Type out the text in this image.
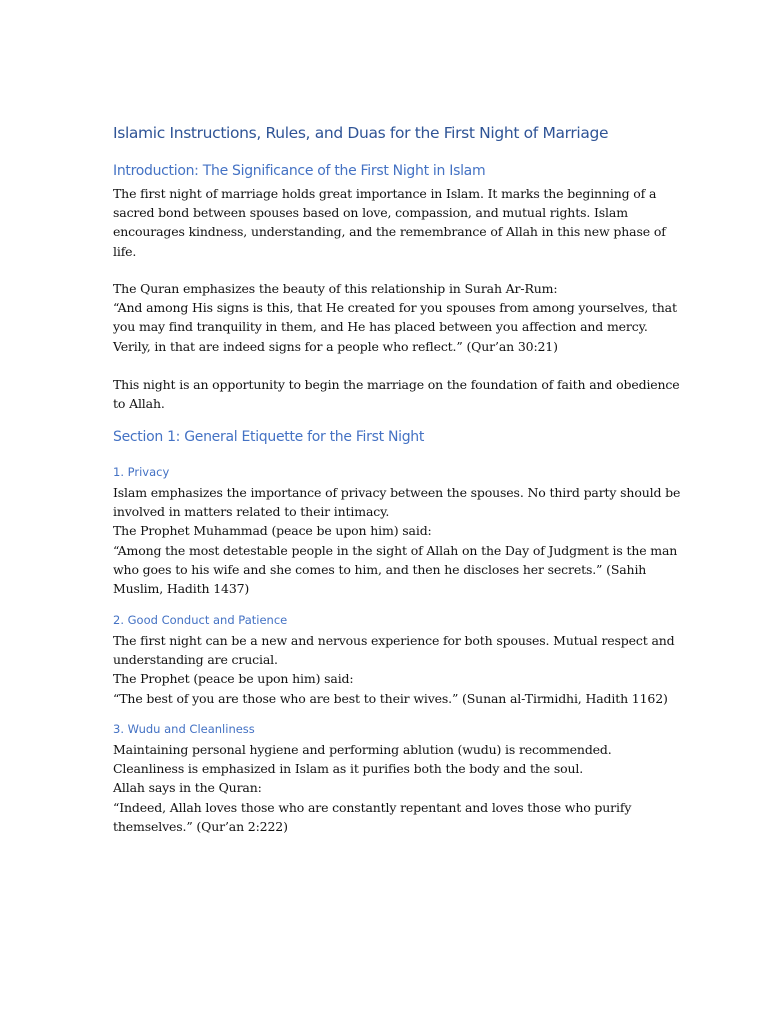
Islamic Instructions, Rules, and Duas for the First Night of Marriage
Introduction: The Significance of the First Night in Islam
The first night of marriage holds great importance in Islam. It marks the beginning of a
sacred bond between spouses based on love, compassion, and mutual rights. Islam
encourages kindness, understanding, and the remembrance of Allah in this new phase of
life.
The Quran emphasizes the beauty of this relationship in Surah Ar-Rum:
“And among His signs is this, that He created for you spouses from among yourselves, that
you may find tranquility in them, and He has placed between you affection and mercy.
Verily, in that are indeed signs for a people who reflect.” (Qur’an 30:21)
This night is an opportunity to begin the marriage on the foundation of faith and obedience
to Allah.
Section 1: General Etiquette for the First Night
1. Privacy
Islam emphasizes the importance of privacy between the spouses. No third party should be
involved in matters related to their intimacy.
The Prophet Muhammad (peace be upon him) said:
“Among the most detestable people in the sight of Allah on the Day of Judgment is the man
who goes to his wife and she comes to him, and then he discloses her secrets.” (Sahih
Muslim, Hadith 1437)
2. Good Conduct and Patience
The first night can be a new and nervous experience for both spouses. Mutual respect and
understanding are crucial.
The Prophet (peace be upon him) said:
“The best of you are those who are best to their wives.” (Sunan al-Tirmidhi, Hadith 1162)
3. Wudu and Cleanliness
Maintaining personal hygiene and performing ablution (wudu) is recommended.
Cleanliness is emphasized in Islam as it purifies both the body and the soul.
Allah says in the Quran:
“Indeed, Allah loves those who are constantly repentant and loves those who purify
themselves.” (Qur’an 2:222)
